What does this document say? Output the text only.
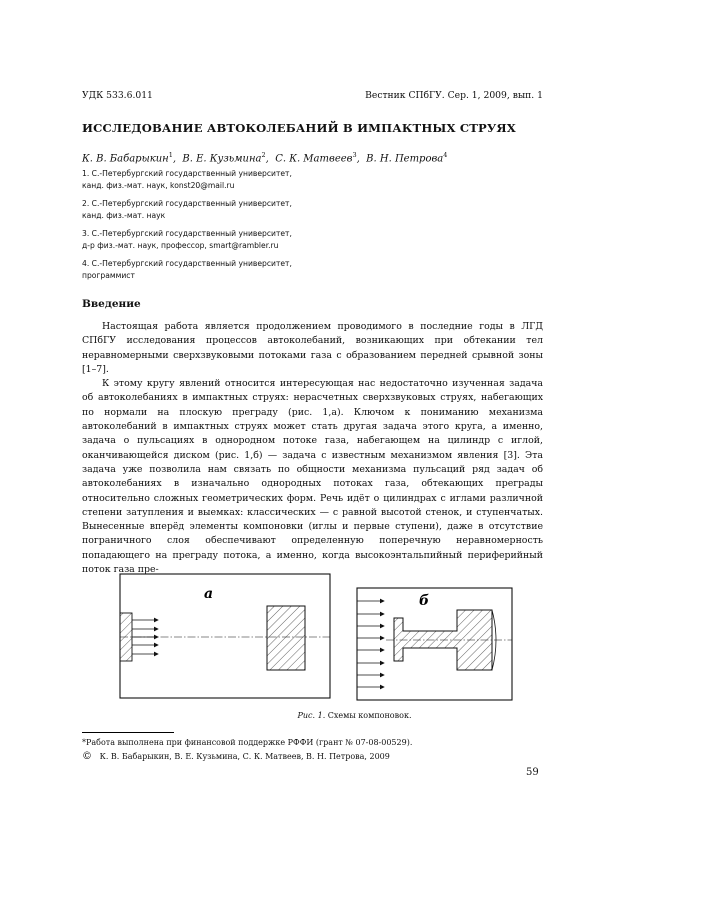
УДК 533.6.011	Вестник СПбГУ. Сер. 1, 2009, вып. 1
ИССЛЕДОВАНИЕ АВТОКОЛЕБАНИЙ В ИМПАКТНЫХ СТРУЯХ
К. В. Бабарыкин$^1$,  В. Е. Кузьмина$^2$,  С. К. Матвеев$^3$,  В. Н. Петрова$^4$
1. С.-Петербургский государственный университет,
канд. физ.-мат. наук, konst20@mail.ru
2. С.-Петербургский государственный университет,
канд. физ.-мат. наук
3. С.-Петербургский государственный университет,
д-р физ.-мат. наук, профессор, smart@rambler.ru
4. С.-Петербургский государственный университет,
программист
Введение

Настоящая работа является продолжением проводимого в последние годы в ЛГД СПбГУ исследования процессов автоколебаний, возникающих при обтекании тел неравномерными сверхзвуковыми потоками газа с образованием передней срывной зоны [1–7].

К этому кругу явлений относится интересующая нас недостаточно изученная задача об автоколебаниях в импактных струях: нерасчетных сверхзвуковых струях, набегающих по нормали на плоскую преграду (рис. 1,а). Ключом к пониманию механизма автоколебаний в импактных струях может стать другая задача этого круга, а именно, задача о пульсациях в однородном потоке газа, набегающем на цилиндр с иглой, оканчивающейся диском (рис. 1,б) — задача с известным механизмом явления [3]. Эта задача уже позволила нам связать по общности механизма пульсаций ряд задач об автоколебаниях в изначально однородных потоках газа, обтекающих преграды относительно сложных геометрических форм. Речь идёт о цилиндрах с иглами различной степени затупления и выемках: классических — с равной высотой стенок, и ступенчатых. Вынесенные вперёд элементы компоновки (иглы и первые ступени), даже в отсутствие пограничного слоя обеспечивают определенную поперечную неравномерность попадающего на преграду потока, а именно, когда высокоэнтальпийный периферийный поток газа пре-

а	б
Рис. 1. Схемы компоновок.
*Работа выполнена при финансовой поддержке РФФИ (грант № 07-08-00529).
© К. В. Бабарыкин, В. Е. Кузьмина, С. К. Матвеев, В. Н. Петрова, 2009
59
